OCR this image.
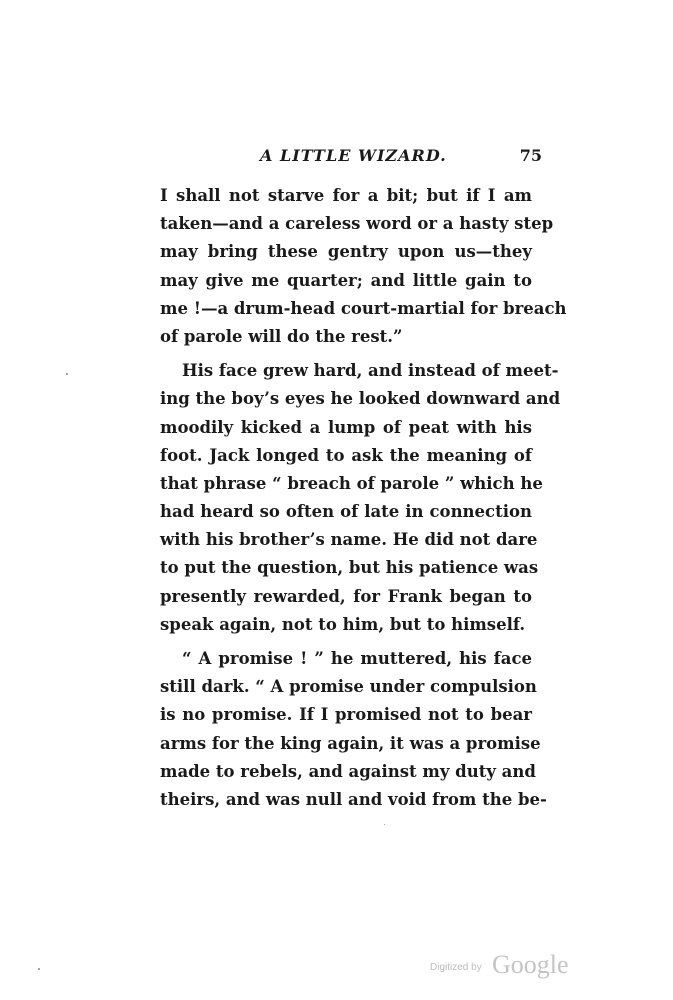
A LITTLE WIZARD.	75
I shall not starve for a bit; but if I am
taken—and a careless word or a hasty step
may bring these gentry upon us—they
may give me quarter; and little gain to
me !—a drum-head court-martial for breach
of parole will do the rest.”
His face grew hard, and instead of meet-
ing the boy’s eyes he looked downward and
moodily kicked a lump of peat with his
foot. Jack longed to ask the meaning of
that phrase “ breach of parole ” which he
had heard so often of late in connection
with his brother’s name. He did not dare
to put the question, but his patience was
presently rewarded, for Frank began to
speak again, not to him, but to himself.
“ A promise ! ” he muttered, his face
still dark. “ A promise under compulsion
is no promise. If I promised not to bear
arms for the king again, it was a promise
made to rebels, and against my duty and
theirs, and was null and void from the be-
Digitized by Google
